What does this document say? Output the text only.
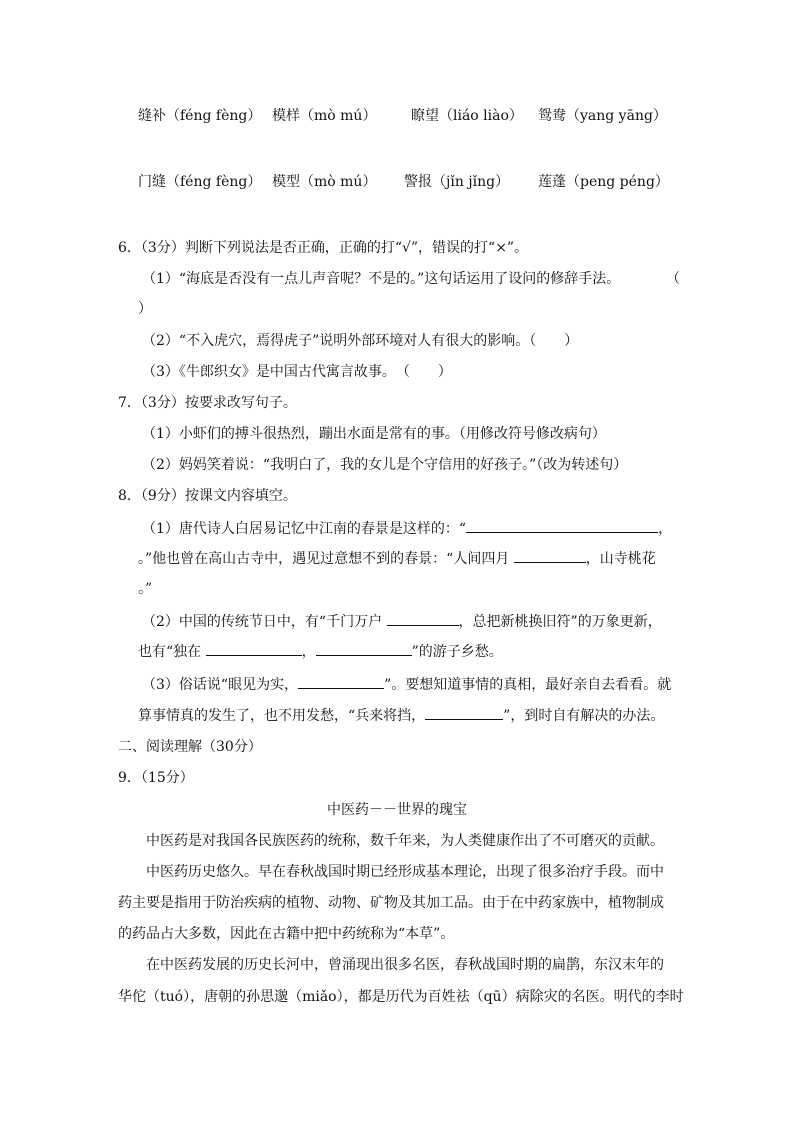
缝补（féng fèng） 模样（mò mú） 瞭望（liáo liào） 鸳鸯（yang yāng）
门缝（féng fèng） 模型（mò mú） 警报（jǐn jǐng） 莲蓬（peng péng）
6．（3分）判断下列说法是否正确，正确的打“√”，错误的打“×”。
（1）“海底是否没有一点儿声音呢？不是的。”这句话运用了设问的修辞手法。	（
）
（2）“不入虎穴，焉得虎子”说明外部环境对人有很大的影响。（　　）
（3）《牛郎织女》是中国古代寓言故事。　（　　）
7．（3分）按要求改写句子。
（1）小虾们的搏斗很热烈，蹦出水面是常有的事。（用修改符号修改病句）
（2）妈妈笑着说：“我明白了，我的女儿是个守信用的好孩子。”（改为转述句）
8．（9分）按课文内容填空。
（1）唐代诗人白居易记忆中江南的春景是这样的：“	，
。”他也曾在高山古寺中，遇见过意想不到的春景：“人间四月	，山寺桃花
。”
（2）中国的传统节日中，有“千门万户	，总把新桃换旧符”的万象更新，
也有“独在	，	”的游子乡愁。
（3）俗话说“眼见为实，	”。要想知道事情的真相，最好亲自去看看。就
算事情真的发生了，也不用发愁，“兵来将挡，	”，到时自有解决的办法。
二、阅读理解（30分）
9．（15分）
中医药－－世界的瑰宝
中医药是对我国各民族医药的统称，数千年来，为人类健康作出了不可磨灭的贡献。
中医药历史悠久。早在春秋战国时期已经形成基本理论，出现了很多治疗手段。而中
药主要是指用于防治疾病的植物、动物、矿物及其加工品。由于在中药家族中，植物制成
的药品占大多数，因此在古籍中把中药统称为“本草”。
在中医药发展的历史长河中，曾涌现出很多名医，春秋战国时期的扁鹊，东汉末年的
华佗（tuó），唐朝的孙思邈（miǎo），都是历代为百姓祛（qū）病除灾的名医。明代的李时
